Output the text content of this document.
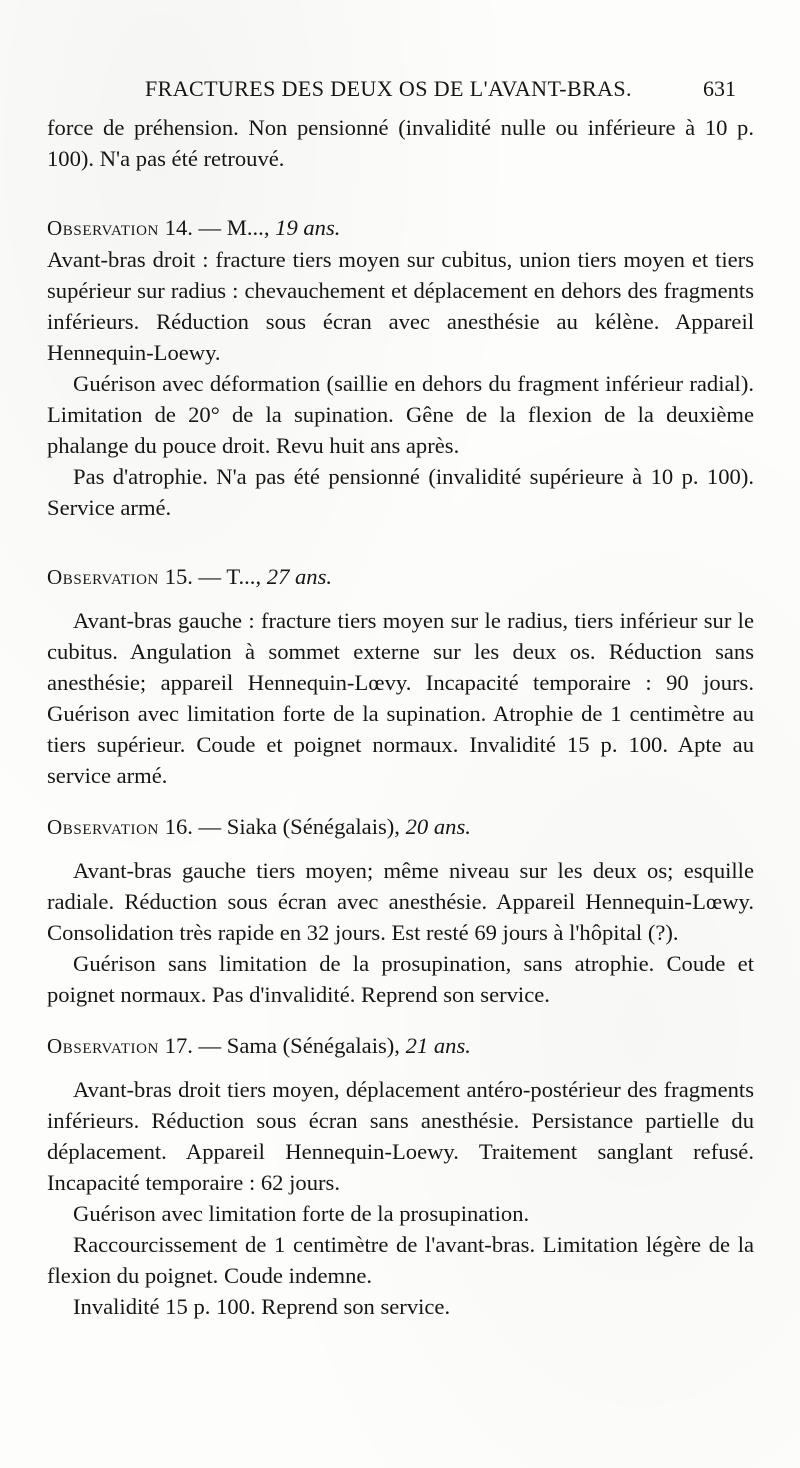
FRACTURES DES DEUX OS DE L'AVANT-BRAS.	631

force de préhension. Non pensionné (invalidité nulle ou inférieure à 10 p. 100). N'a pas été retrouvé.

Observation 14. — M..., 19 ans.

Avant-bras droit : fracture tiers moyen sur cubitus, union tiers moyen et tiers supérieur sur radius : chevauchement et déplacement en dehors des fragments inférieurs. Réduction sous écran avec anesthésie au kélène. Appareil Hennequin-Loewy.

Guérison avec déformation (saillie en dehors du fragment inférieur radial). Limitation de 20° de la supination. Gêne de la flexion de la deuxième phalange du pouce droit. Revu huit ans après.

Pas d'atrophie. N'a pas été pensionné (invalidité supérieure à 10 p. 100). Service armé.

Observation 15. — T..., 27 ans.

Avant-bras gauche : fracture tiers moyen sur le radius, tiers inférieur sur le cubitus. Angulation à sommet externe sur les deux os. Réduction sans anesthésie; appareil Hennequin-Lœvy. Incapacité temporaire : 90 jours. Guérison avec limitation forte de la supination. Atrophie de 1 centimètre au tiers supérieur. Coude et poignet normaux. Invalidité 15 p. 100. Apte au service armé.

Observation 16. — Siaka (Sénégalais), 20 ans.

Avant-bras gauche tiers moyen; même niveau sur les deux os; esquille radiale. Réduction sous écran avec anesthésie. Appareil Hennequin-Lœwy. Consolidation très rapide en 32 jours. Est resté 69 jours à l'hôpital (?).

Guérison sans limitation de la prosupination, sans atrophie. Coude et poignet normaux. Pas d'invalidité. Reprend son service.

Observation 17. — Sama (Sénégalais), 21 ans.

Avant-bras droit tiers moyen, déplacement antéro-postérieur des fragments inférieurs. Réduction sous écran sans anesthésie. Persistance partielle du déplacement. Appareil Hennequin-Loewy. Traitement sanglant refusé. Incapacité temporaire : 62 jours.

Guérison avec limitation forte de la prosupination.

Raccourcissement de 1 centimètre de l'avant-bras. Limitation légère de la flexion du poignet. Coude indemne.

Invalidité 15 p. 100. Reprend son service.
